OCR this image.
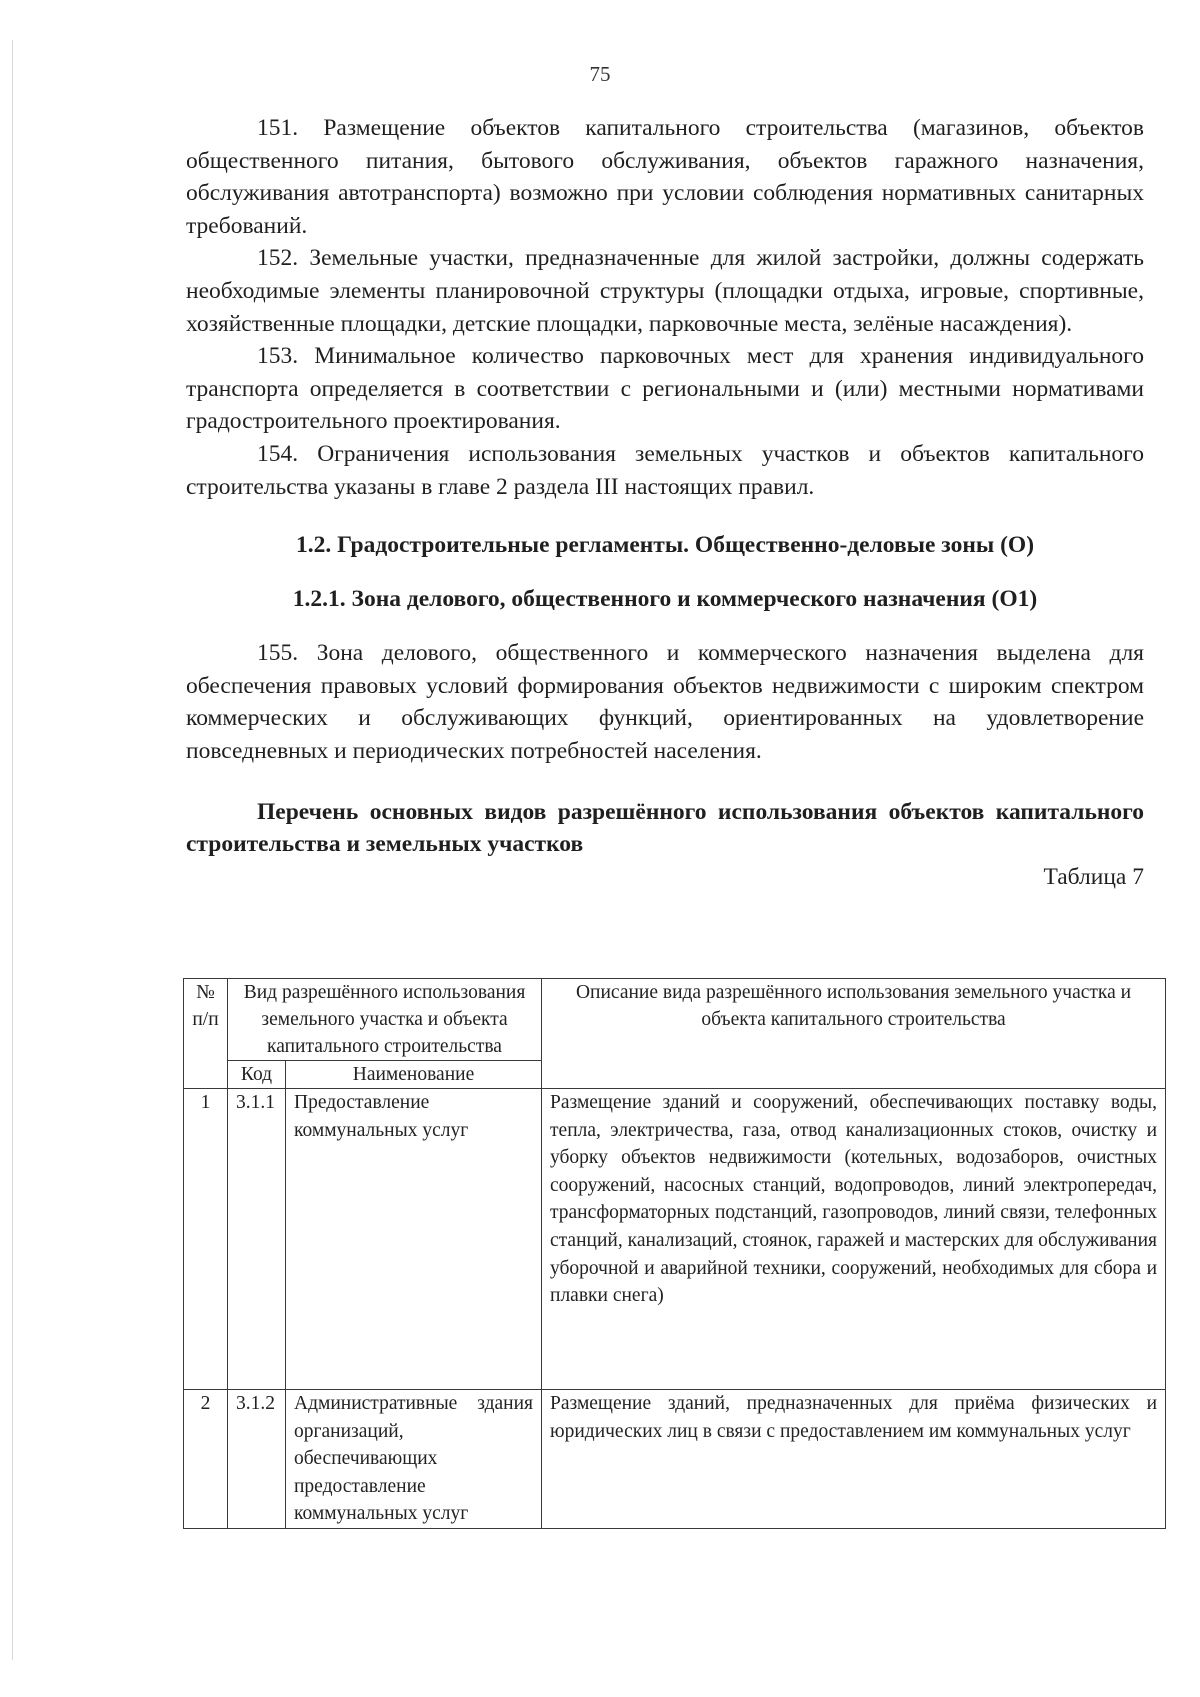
75

151. Размещение объектов капитального строительства (магазинов, объектов общественного питания, бытового обслуживания, объектов гаражного назначения, обслуживания автотранспорта) возможно при условии соблюдения нормативных санитарных требований.

152. Земельные участки, предназначенные для жилой застройки, должны содержать необходимые элементы планировочной структуры (площадки отдыха, игровые, спортивные, хозяйственные площадки, детские площадки, парковочные места, зелёные насаждения).

153. Минимальное количество парковочных мест для хранения индивидуального транспорта определяется в соответствии с региональными и (или) местными нормативами градостроительного проектирования.

154. Ограничения использования земельных участков и объектов капитального строительства указаны в главе 2 раздела III настоящих правил.

1.2. Градостроительные регламенты. Общественно-деловые зоны (О)
1.2.1. Зона делового, общественного и коммерческого назначения (О1)

155. Зона делового, общественного и коммерческого назначения выделена для обеспечения правовых условий формирования объектов недвижимости с широким спектром коммерческих и обслуживающих функций, ориентированных на удовлетворение повседневных и периодических потребностей населения.

Перечень основных видов разрешённого использования объектов капитального строительства и земельных участков

Таблица 7

№ п/п	Вид разрешённого использования земельного участка и объекта капитального строительства		Описание вида разрешённого использования земельного участка и объекта капитального строительства
	Код	Наименование	
1	3.1.1	Предоставление коммунальных услуг	Размещение зданий и сооружений, обеспечивающих поставку воды, тепла, электричества, газа, отвод канализационных стоков, очистку и уборку объектов недвижимости (котельных, водозаборов, очистных сооружений, насосных станций, водопроводов, линий электропередач, трансформаторных подстанций, газопроводов, линий связи, телефонных станций, канализаций, стоянок, гаражей и мастерских для обслуживания уборочной и аварийной техники, сооружений, необходимых для сбора и плавки снега)
2	3.1.2	Административные здания организаций, обеспечивающих предоставление коммунальных услуг	Размещение зданий, предназначенных для приёма физических и юридических лиц в связи с предоставлением им коммунальных услуг
